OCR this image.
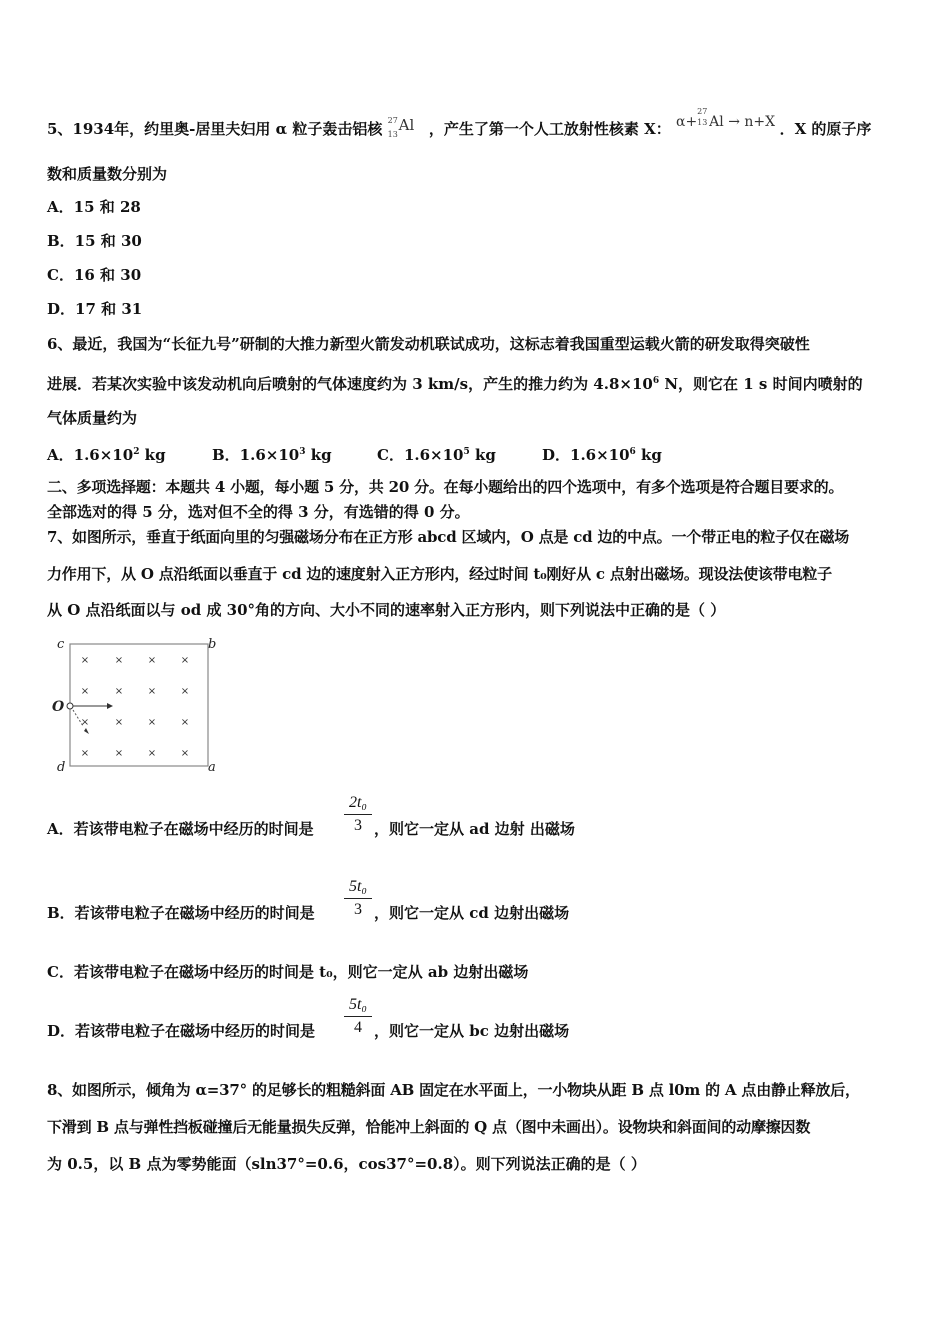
5、1934年，约里奥-居里夫妇用 α 粒子轰击铝核 27
13
Al ，产生了第一个人工放射性核素 X： α+
27
13 Al → n+X ．X 的原子序
数和质量数分别为
A．15 和 28
B．15 和 30
C．16 和 30
D．17 和 31
6、最近，我国为“长征九号”研制的大推力新型火箭发动机联试成功，这标志着我国重型运载火箭的研发取得突破性
进展．若某次实验中该发动机向后喷射的气体速度约为 3 km/s，产生的推力约为 $4.8\times 10^6$ N，则它在 1 s 时间内喷射的
气体质量约为
A．$1.6\times 10^2$ kg	B．$1.6\times 10^3$ kg	C．$1.6\times 10^5$ kg	D．$1.6\times 10^6$ kg
二、多项选择题：本题共 4 小题，每小题 5 分，共 20 分。在每小题给出的四个选项中，有多个选项是符合题目要求的。
全部选对的得 5 分，选对但不全的得 3 分，有选错的得 0 分。
7、如图所示，垂直于纸面向里的匀强磁场分布在正方形 abcd 区域内，O 点是 cd 边的中点。一个带正电的粒子仅在磁场
力作用下，从 O 点沿纸面以垂直于 cd 边的速度射入正方形内，经过时间 t₀刚好从 c 点射出磁场。现设法使该带电粒子
从 O 点沿纸面以与 od 成 30°角的方向、大小不同的速率射入正方形内，则下列说法中正确的是（ ）
×	× × ×
×	× × ×
×	× × ×
×	× × ×
c	b
O
d	a
A．若该带电粒子在磁场中经历的时间是 $\frac{\text{2t₀}}{3}$ ，则它一定从 ad 边射 出磁场
B．若该带电粒子在磁场中经历的时间是 $\frac{\text{5t₀}}{3}$ ，则它一定从 cd 边射出磁场
C．若该带电粒子在磁场中经历的时间是 t₀，则它一定从 ab 边射出磁场
D．若该带电粒子在磁场中经历的时间是 $\frac{\text{5t₀}}{4}$ ，则它一定从 bc 边射出磁场
8、如图所示，倾角为 α=37° 的足够长的粗糙斜面 AB 固定在水平面上，一小物块从距 B 点 l0m 的 A 点由静止释放后，
下滑到 B 点与弹性挡板碰撞后无能量损失反弹，恰能冲上斜面的 Q 点（图中未画出）。设物块和斜面间的动摩擦因数
为 0.5，以 B 点为零势能面（sln37°=0.6，cos37°=0.8）。则下列说法正确的是（ ）
